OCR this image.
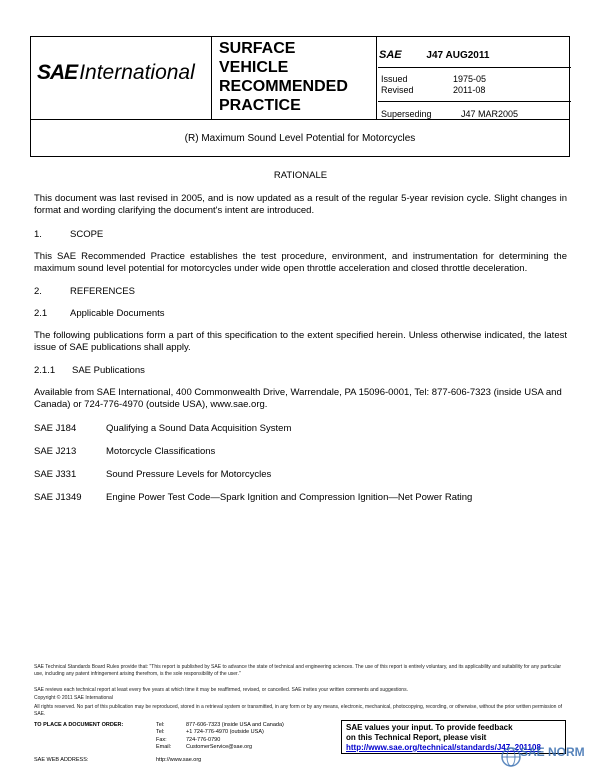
SAE International
SURFACE
VEHICLE
RECOMMENDED
PRACTICE
SAE J47 AUG2011
Issued	1975-05
Revised	2011-08
Superseding	J47 MAR2005
(R) Maximum Sound Level Potential for Motorcycles
RATIONALE
This document was last revised in 2005, and is now updated as a result of the regular 5-year revision cycle. Slight changes in format and wording clarifying the document's intent are introduced.
1.	SCOPE
This SAE Recommended Practice establishes the test procedure, environment, and instrumentation for determining the maximum sound level potential for motorcycles under wide open throttle acceleration and closed throttle deceleration.
2.	REFERENCES
2.1	Applicable Documents
The following publications form a part of this specification to the extent specified herein. Unless otherwise indicated, the latest issue of SAE publications shall apply.
2.1.1	SAE Publications
Available from SAE International, 400 Commonwealth Drive, Warrendale, PA 15096-0001, Tel: 877-606-7323 (inside USA and Canada) or 724-776-4970 (outside USA), www.sae.org.
SAE J184	Qualifying a Sound Data Acquisition System
SAE J213	Motorcycle Classifications
SAE J331	Sound Pressure Levels for Motorcycles
SAE J1349	Engine Power Test Code—Spark Ignition and Compression Ignition—Net Power Rating
SAE Technical Standards Board Rules provide that: "This report is published by SAE to advance the state of technical and engineering sciences. The use of this report is entirely voluntary, and its applicability and suitability for any particular use, including any patent infringement arising therefrom, is the sole responsibility of the user."
SAE reviews each technical report at least every five years at which time it may be reaffirmed, revised, or cancelled. SAE invites your written comments and suggestions.
Copyright © 2011 SAE International
All rights reserved. No part of this publication may be reproduced, stored in a retrieval system or transmitted, in any form or by any means, electronic, mechanical, photocopying, recording, or otherwise, without the prior written permission of SAE.
TO PLACE A DOCUMENT ORDER:	Tel:	877-606-7323 (inside USA and Canada)
Tel:	+1 724-776-4970 (outside USA)
Fax:	724-776-0790
Email:	CustomerService@sae.org
SAE WEB ADDRESS:	http://www.sae.org
SAE values your input. To provide feedback
on this Technical Report, please visit
http://www.sae.org/technical/standards/J47_201108
SAE NORM
